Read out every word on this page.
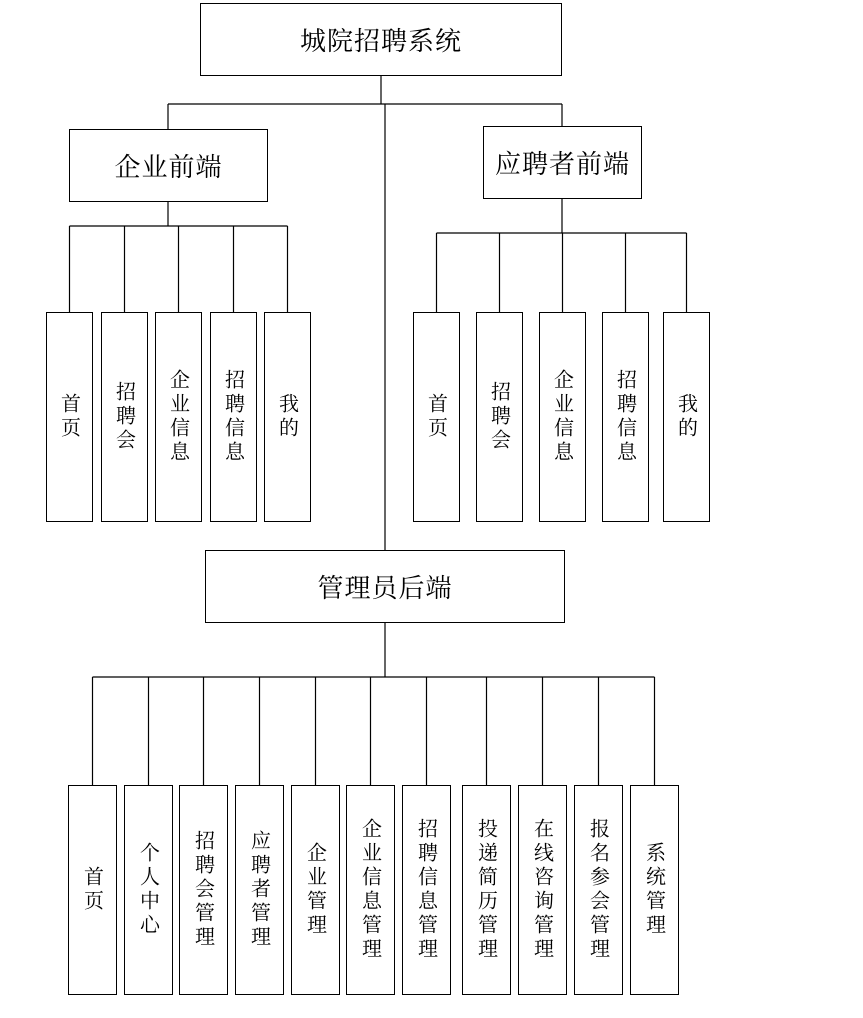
城院招聘系统
企业前端	应聘者前端
管理员后端
首页 招聘会 企业信息 招聘信息 我的	首页 招聘会 企业信息 招聘信息 我的
首页 个人中心 招聘会管理 应聘者管理 企业管理 企业信息管理 招聘信息管理 投递简历管理 在线咨询管理 报名参会管理 系统管理
